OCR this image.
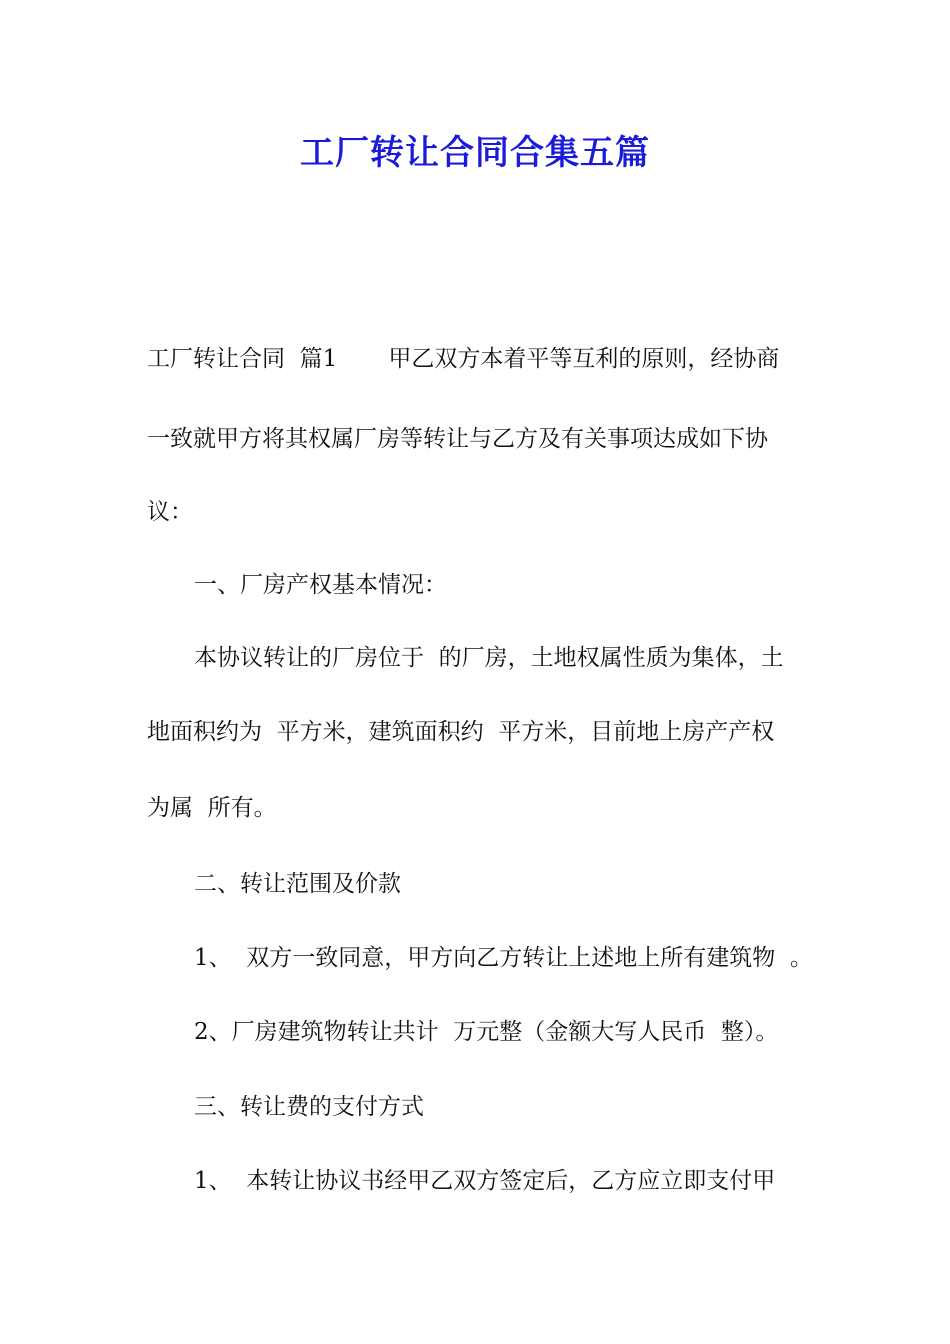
工厂转让合同合集五篇
工厂转让合同  篇1       甲乙双方本着平等互利的原则，经协商
一致就甲方将其权属厂房等转让与乙方及有关事项达成如下协
议：
一、厂房产权基本情况：
本协议转让的厂房位于  的厂房，土地权属性质为集体，土
地面积约为  平方米，建筑面积约  平方米，目前地上房产产权
为属  所有。
二、转让范围及价款
1、  双方一致同意，甲方向乙方转让上述地上所有建筑物  。
2、厂房建筑物转让共计  万元整（金额大写人民币  整）。
三、转让费的支付方式
1、  本转让协议书经甲乙双方签定后，乙方应立即支付甲
